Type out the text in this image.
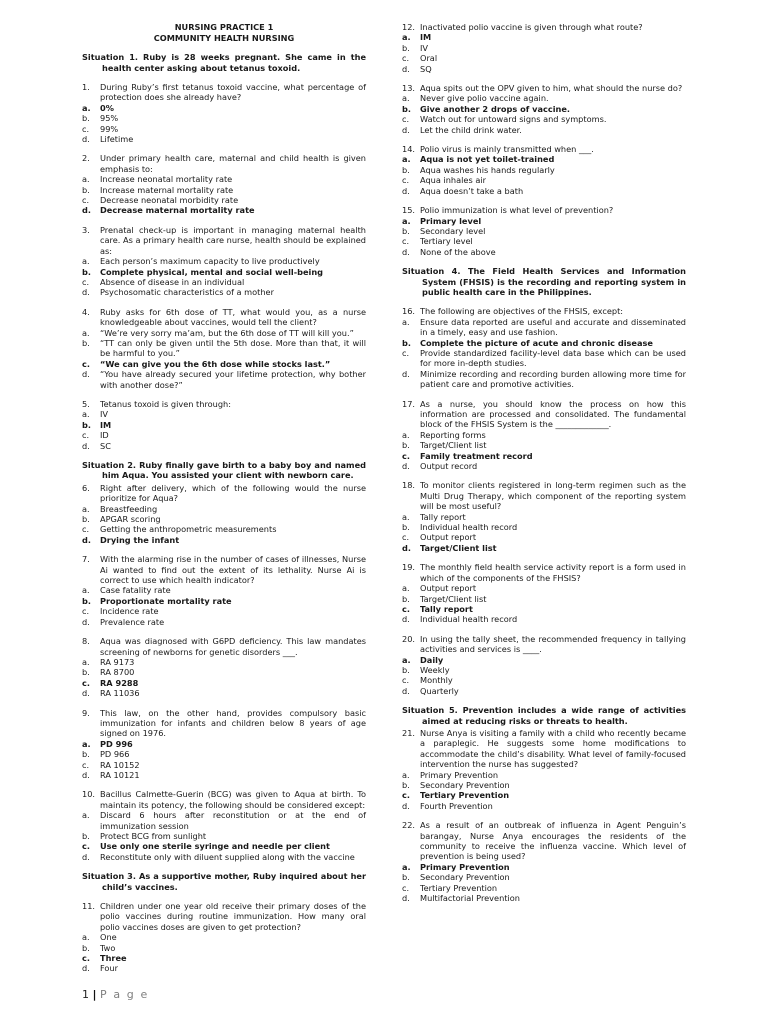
NURSING PRACTICE 1
COMMUNITY HEALTH NURSING
Situation 1. Ruby is 28 weeks pregnant. She came in the health center asking about tetanus toxoid.
1.	During Ruby’s first tetanus toxoid vaccine, what percentage of protection does she already have?
a.	0%
b.	95%
c.	99%
d.	Lifetime
2.	Under primary health care, maternal and child health is given emphasis to:
a.	Increase neonatal mortality rate
b.	Increase maternal mortality rate
c.	Decrease neonatal morbidity rate
d.	Decrease maternal mortality rate
3.	Prenatal check-up is important in managing maternal health care. As a primary health care nurse, health should be explained as:
a.	Each person’s maximum capacity to live productively
b.	Complete physical, mental and social well-being
c.	Absence of disease in an individual
d.	Psychosomatic characteristics of a mother
4.	Ruby asks for 6th dose of TT, what would you, as a nurse knowledgeable about vaccines, would tell the client?
a.	“We’re very sorry ma’am, but the 6th dose of TT will kill you.”
b.	“TT can only be given until the 5th dose. More than that, it will be harmful to you.”
c.	“We can give you the 6th dose while stocks last.”
d.	“You have already secured your lifetime protection, why bother with another dose?”
5.	Tetanus toxoid is given through:
a.	IV
b.	IM
c.	ID
d.	SC
Situation 2. Ruby finally gave birth to a baby boy and named him Aqua. You assisted your client with newborn care.
6.	Right after delivery, which of the following would the nurse prioritize for Aqua?
a.	Breastfeeding
b.	APGAR scoring
c.	Getting the anthropometric measurements
d.	Drying the infant
7.	With the alarming rise in the number of cases of illnesses, Nurse Ai wanted to find out the extent of its lethality. Nurse Ai is correct to use which health indicator?
a.	Case fatality rate
b.	Proportionate mortality rate
c.	Incidence rate
d.	Prevalence rate
8.	Aqua was diagnosed with G6PD deficiency. This law mandates screening of newborns for genetic disorders ___.
a.	RA 9173
b.	RA 8700
c.	RA 9288
d.	RA 11036
9.	This law, on the other hand, provides compulsory basic immunization for infants and children below 8 years of age signed on 1976.
a.	PD 996
b.	PD 966
c.	RA 10152
d.	RA 10121
10. Bacillus Calmette-Guerin (BCG) was given to Aqua at birth. To maintain its potency, the following should be considered except:
a.	Discard 6 hours after reconstitution or at the end of immunization session
b.	Protect BCG from sunlight
c.	Use only one sterile syringe and needle per client
d.	Reconstitute only with diluent supplied along with the vaccine
Situation 3. As a supportive mother, Ruby inquired about her child’s vaccines.
11. Children under one year old receive their primary doses of the polio vaccines during routine immunization. How many oral polio vaccines doses are given to get protection?
a.	One
b.	Two
c.	Three
d.	Four
12. Inactivated polio vaccine is given through what route?
a.	IM
b.	IV
c.	Oral
d.	SQ
13. Aqua spits out the OPV given to him, what should the nurse do?
a.	Never give polio vaccine again.
b.	Give another 2 drops of vaccine.
c.	Watch out for untoward signs and symptoms.
d.	Let the child drink water.
14. Polio virus is mainly transmitted when ___.
a.	Aqua is not yet toilet-trained
b.	Aqua washes his hands regularly
c.	Aqua inhales air
d.	Aqua doesn’t take a bath
15. Polio immunization is what level of prevention?
a.	Primary level
b.	Secondary level
c.	Tertiary level
d.	None of the above
Situation 4. The Field Health Services and Information System (FHSIS) is the recording and reporting system in public health care in the Philippines.
16. The following are objectives of the FHSIS, except:
a.	Ensure data reported are useful and accurate and disseminated in a timely, easy and use fashion.
b.	Complete the picture of acute and chronic disease
c.	Provide standardized facility-level data base which can be used for more in-depth studies.
d.	Minimize recording and recording burden allowing more time for patient care and promotive activities.
17. As a nurse, you should know the process on how this information are processed and consolidated. The fundamental block of the FHSIS System is the _____________.
a.	Reporting forms
b.	Target/Client list
c.	Family treatment record
d.	Output record
18. To monitor clients registered in long-term regimen such as the Multi Drug Therapy, which component of the reporting system will be most useful?
a.	Tally report
b.	Individual health record
c.	Output report
d.	Target/Client list
19. The monthly field health service activity report is a form used in which of the components of the FHSIS?
a.	Output report
b.	Target/Client list
c.	Tally report
d.	Individual health record
20. In using the tally sheet, the recommended frequency in tallying activities and services is ____.
a.	Daily
b.	Weekly
c.	Monthly
d.	Quarterly
Situation 5. Prevention includes a wide range of activities aimed at reducing risks or threats to health.
21. Nurse Anya is visiting a family with a child who recently became a paraplegic. He suggests some home modifications to accommodate the child’s disability. What level of family-focused intervention the nurse has suggested?
a.	Primary Prevention
b.	Secondary Prevention
c.	Tertiary Prevention
d.	Fourth Prevention
22. As a result of an outbreak of influenza in Agent Penguin’s barangay, Nurse Anya encourages the residents of the community to receive the influenza vaccine. Which level of prevention is being used?
a.	Primary Prevention
b.	Secondary Prevention
c.	Tertiary Prevention
d.	Multifactorial Prevention
1 | P a g e
